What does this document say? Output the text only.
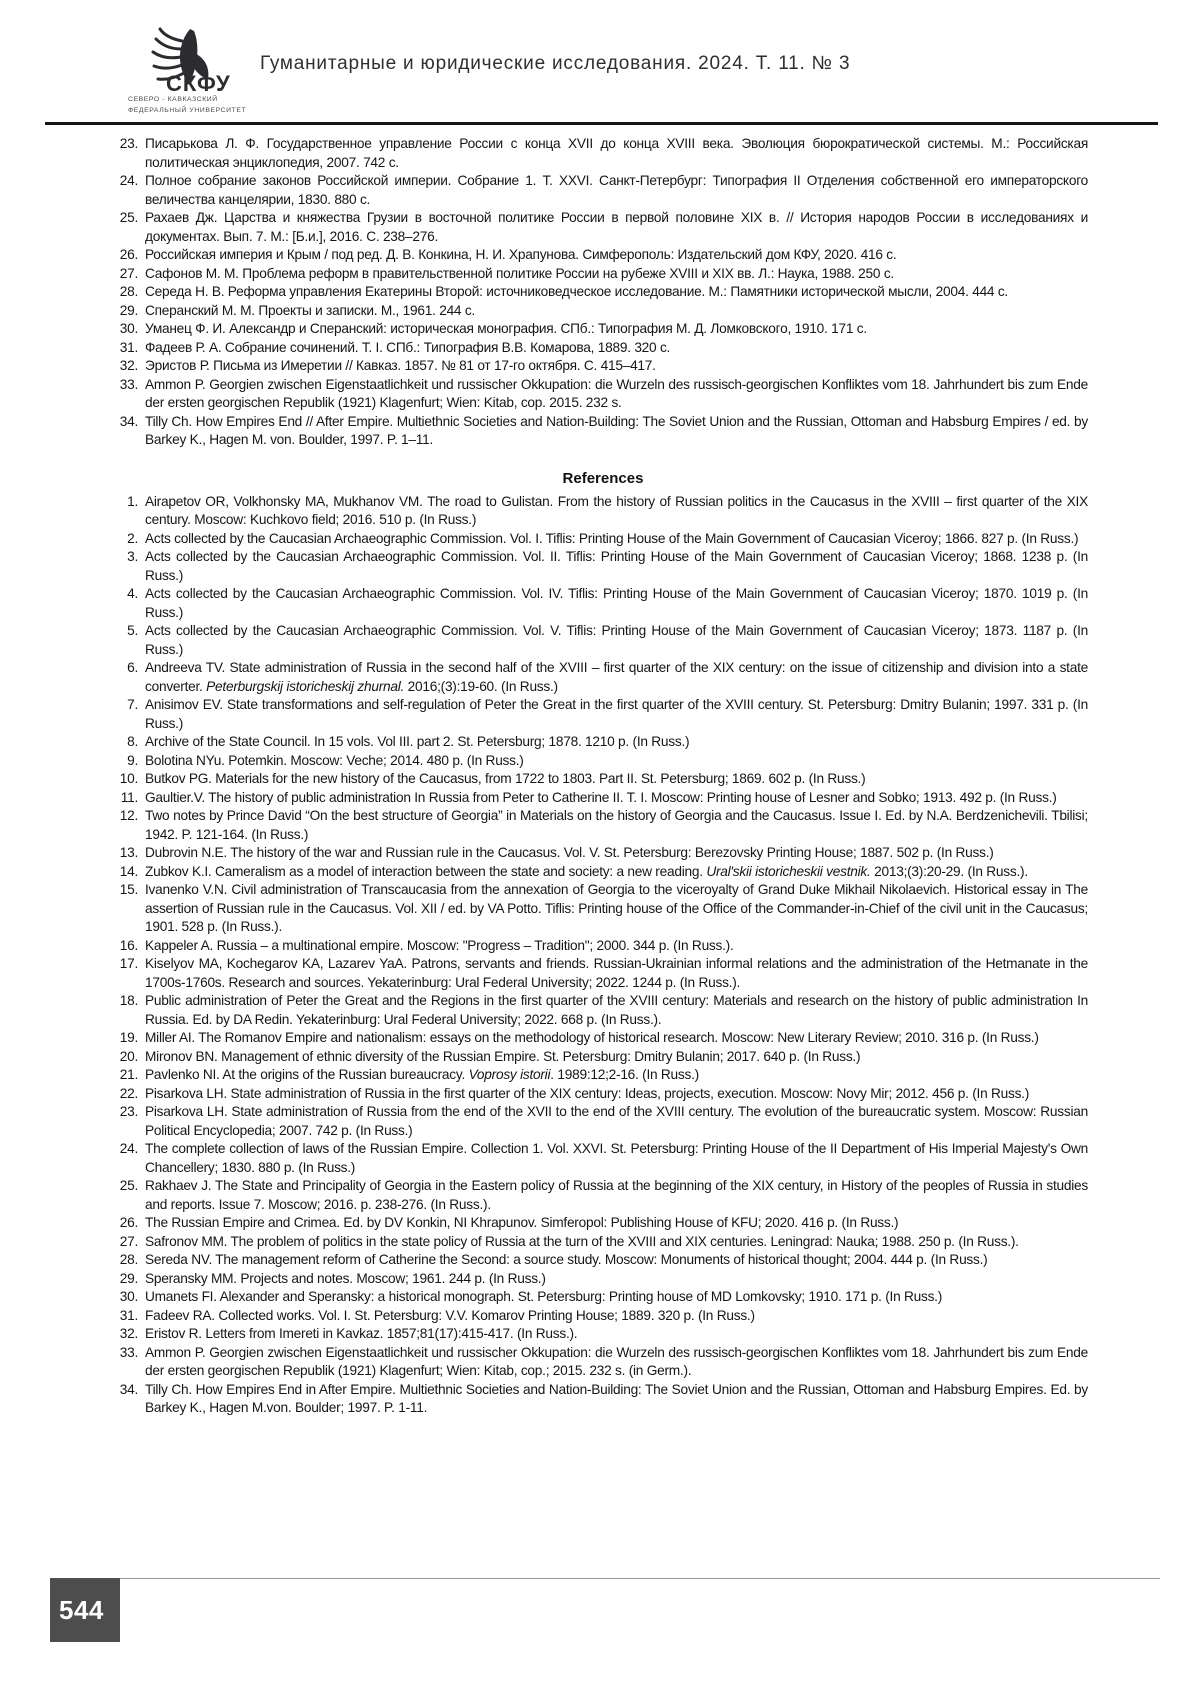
СКФУ
СЕВЕРО - КАВКАЗСКИЙ
ФЕДЕРАЛЬНЫЙ УНИВЕРСИТЕТ
Гуманитарные и юридические исследования. 2024. Т. 11. № 3
23. Писарькова Л. Ф. Государственное управление России с конца XVII до конца XVIII века. Эволюция бюрократической системы. М.: Российская политическая энциклопедия, 2007. 742 с.
24. Полное собрание законов Российской империи. Собрание 1. Т. XXVI. Санкт-Петербург: Типография II Отделения собственной его императорского величества канцелярии, 1830. 880 с.
25. Рахаев Дж. Царства и княжества Грузии в восточной политике России в первой половине XIX в. // История народов России в исследованиях и документах. Вып. 7. М.: [Б.и.], 2016. С. 238–276.
26. Российская империя и Крым / под ред. Д. В. Конкина, Н. И. Храпунова. Симферополь: Издательский дом КФУ, 2020. 416 с.
27. Сафонов М. М. Проблема реформ в правительственной политике России на рубеже XVIII и XIX вв. Л.: Наука, 1988. 250 с.
28. Середа Н. В. Реформа управления Екатерины Второй: источниковедческое исследование. М.: Памятники исторической мысли, 2004. 444 с.
29. Сперанский М. М. Проекты и записки. М., 1961. 244 с.
30. Уманец Ф. И. Александр и Сперанский: историческая монография. СПб.: Типография М. Д. Ломковского, 1910. 171 с.
31. Фадеев Р. А. Собрание сочинений. Т. I. СПб.: Типография В.В. Комарова, 1889. 320 с.
32. Эристов Р. Письма из Имеретии // Кавказ. 1857. № 81 от 17-го октября. С. 415–417.
33. Ammon P. Georgien zwischen Eigenstaatlichkeit und russischer Okkupation: die Wurzeln des russisch-georgischen Konfliktes vom 18. Jahrhundert bis zum Ende der ersten georgischen Republik (1921) Klagenfurt; Wien: Kitab, cop. 2015. 232 s.
34. Tilly Ch. How Empires End // After Empire. Multiethnic Societies and Nation-Building: The Soviet Union and the Russian, Ottoman and Habsburg Empires / ed. by Barkey K., Hagen M. von. Boulder, 1997. P. 1–11.
References
1. Airapetov OR, Volkhonsky MA, Mukhanov VM. The road to Gulistan. From the history of Russian politics in the Caucasus in the XVIII – first quarter of the XIX century. Moscow: Kuchkovo field; 2016. 510 p. (In Russ.)
2. Acts collected by the Caucasian Archaeographic Commission. Vol. I. Tiflis: Printing House of the Main Government of Caucasian Viceroy; 1866. 827 p. (In Russ.)
3. Acts collected by the Caucasian Archaeographic Commission. Vol. II. Tiflis: Printing House of the Main Government of Caucasian Viceroy; 1868. 1238 p. (In Russ.)
4. Acts collected by the Caucasian Archaeographic Commission. Vol. IV. Tiflis: Printing House of the Main Government of Caucasian Viceroy; 1870. 1019 p. (In Russ.)
5. Acts collected by the Caucasian Archaeographic Commission. Vol. V. Tiflis: Printing House of the Main Government of Caucasian Viceroy; 1873. 1187 p. (In Russ.)
6. Andreeva TV. State administration of Russia in the second half of the XVIII – first quarter of the XIX century: on the issue of citizenship and division into a state converter. Peterburgskij istoricheskij zhurnal. 2016;(3):19-60. (In Russ.)
7. Anisimov EV. State transformations and self-regulation of Peter the Great in the first quarter of the XVIII century. St. Petersburg: Dmitry Bulanin; 1997. 331 p. (In Russ.)
8. Archive of the State Council. In 15 vols. Vol III. part 2. St. Petersburg; 1878. 1210 p. (In Russ.)
9. Bolotina NYu. Potemkin. Moscow: Veche; 2014. 480 p. (In Russ.)
10. Butkov PG. Materials for the new history of the Caucasus, from 1722 to 1803. Part II. St. Petersburg; 1869. 602 p. (In Russ.)
11. Gaultier.V. The history of public administration In Russia from Peter to Catherine II. T. I. Moscow: Printing house of Lesner and Sobko; 1913. 492 p. (In Russ.)
12. Two notes by Prince David “On the best structure of Georgia” in Materials on the history of Georgia and the Caucasus. Issue I. Ed. by N.A. Berdzenichevili. Tbilisi; 1942. P. 121-164. (In Russ.)
13. Dubrovin N.E. The history of the war and Russian rule in the Caucasus. Vol. V. St. Petersburg: Berezovsky Printing House; 1887. 502 p. (In Russ.)
14. Zubkov K.I. Cameralism as a model of interaction between the state and society: a new reading. Ural'skii istoricheskii vestnik. 2013;(3):20-29. (In Russ.).
15. Ivanenko V.N. Civil administration of Transcaucasia from the annexation of Georgia to the viceroyalty of Grand Duke Mikhail Nikolaevich. Historical essay in The assertion of Russian rule in the Caucasus. Vol. XII / ed. by VA Potto. Tiflis: Printing house of the Office of the Commander-in-Chief of the civil unit in the Caucasus; 1901. 528 p. (In Russ.).
16. Kappeler A. Russia – a multinational empire. Moscow: "Progress – Tradition"; 2000. 344 p. (In Russ.).
17. Kiselyov MA, Kochegarov KA, Lazarev YaA. Patrons, servants and friends. Russian-Ukrainian informal relations and the administration of the Hetmanate in the 1700s-1760s. Research and sources. Yekaterinburg: Ural Federal University; 2022. 1244 p. (In Russ.).
18. Public administration of Peter the Great and the Regions in the first quarter of the XVIII century: Materials and research on the history of public administration In Russia. Ed. by DA Redin. Yekaterinburg: Ural Federal University; 2022. 668 p. (In Russ.).
19. Miller AI. The Romanov Empire and nationalism: essays on the methodology of historical research. Moscow: New Literary Review; 2010. 316 p. (In Russ.)
20. Mironov BN. Management of ethnic diversity of the Russian Empire. St. Petersburg: Dmitry Bulanin; 2017. 640 p. (In Russ.)
21. Pavlenko NI. At the origins of the Russian bureaucracy. Voprosy istorii. 1989:12;2-16. (In Russ.)
22. Pisarkova LH. State administration of Russia in the first quarter of the XIX century: Ideas, projects, execution. Moscow: Novy Mir; 2012. 456 p. (In Russ.)
23. Pisarkova LH. State administration of Russia from the end of the XVII to the end of the XVIII century. The evolution of the bureaucratic system. Moscow: Russian Political Encyclopedia; 2007. 742 p. (In Russ.)
24. The complete collection of laws of the Russian Empire. Collection 1. Vol. XXVI. St. Petersburg: Printing House of the II Department of His Imperial Majesty's Own Chancellery; 1830. 880 p. (In Russ.)
25. Rakhaev J. The State and Principality of Georgia in the Eastern policy of Russia at the beginning of the XIX century, in History of the peoples of Russia in studies and reports. Issue 7. Moscow; 2016. p. 238-276. (In Russ.).
26. The Russian Empire and Crimea. Ed. by DV Konkin, NI Khrapunov. Simferopol: Publishing House of KFU; 2020. 416 p. (In Russ.)
27. Safronov MM. The problem of politics in the state policy of Russia at the turn of the XVIII and XIX centuries. Leningrad: Nauka; 1988. 250 p. (In Russ.).
28. Sereda NV. The management reform of Catherine the Second: a source study. Moscow: Monuments of historical thought; 2004. 444 p. (In Russ.)
29. Speransky MM. Projects and notes. Moscow; 1961. 244 p. (In Russ.)
30. Umanets FI. Alexander and Speransky: a historical monograph. St. Petersburg: Printing house of MD Lomkovsky; 1910. 171 p. (In Russ.)
31. Fadeev RA. Collected works. Vol. I. St. Petersburg: V.V. Komarov Printing House; 1889. 320 p. (In Russ.)
32. Eristov R. Letters from Imereti in Kavkaz. 1857;81(17):415-417. (In Russ.).
33. Ammon P. Georgien zwischen Eigenstaatlichkeit und russischer Okkupation: die Wurzeln des russisch-georgischen Konfliktes vom 18. Jahrhundert bis zum Ende der ersten georgischen Republik (1921) Klagenfurt; Wien: Kitab, cop.; 2015. 232 s. (in Germ.).
34. Tilly Ch. How Empires End in After Empire. Multiethnic Societies and Nation-Building: The Soviet Union and the Russian, Ottoman and Habsburg Empires. Ed. by Barkey K., Hagen M.von. Boulder; 1997. P. 1-11.
544
